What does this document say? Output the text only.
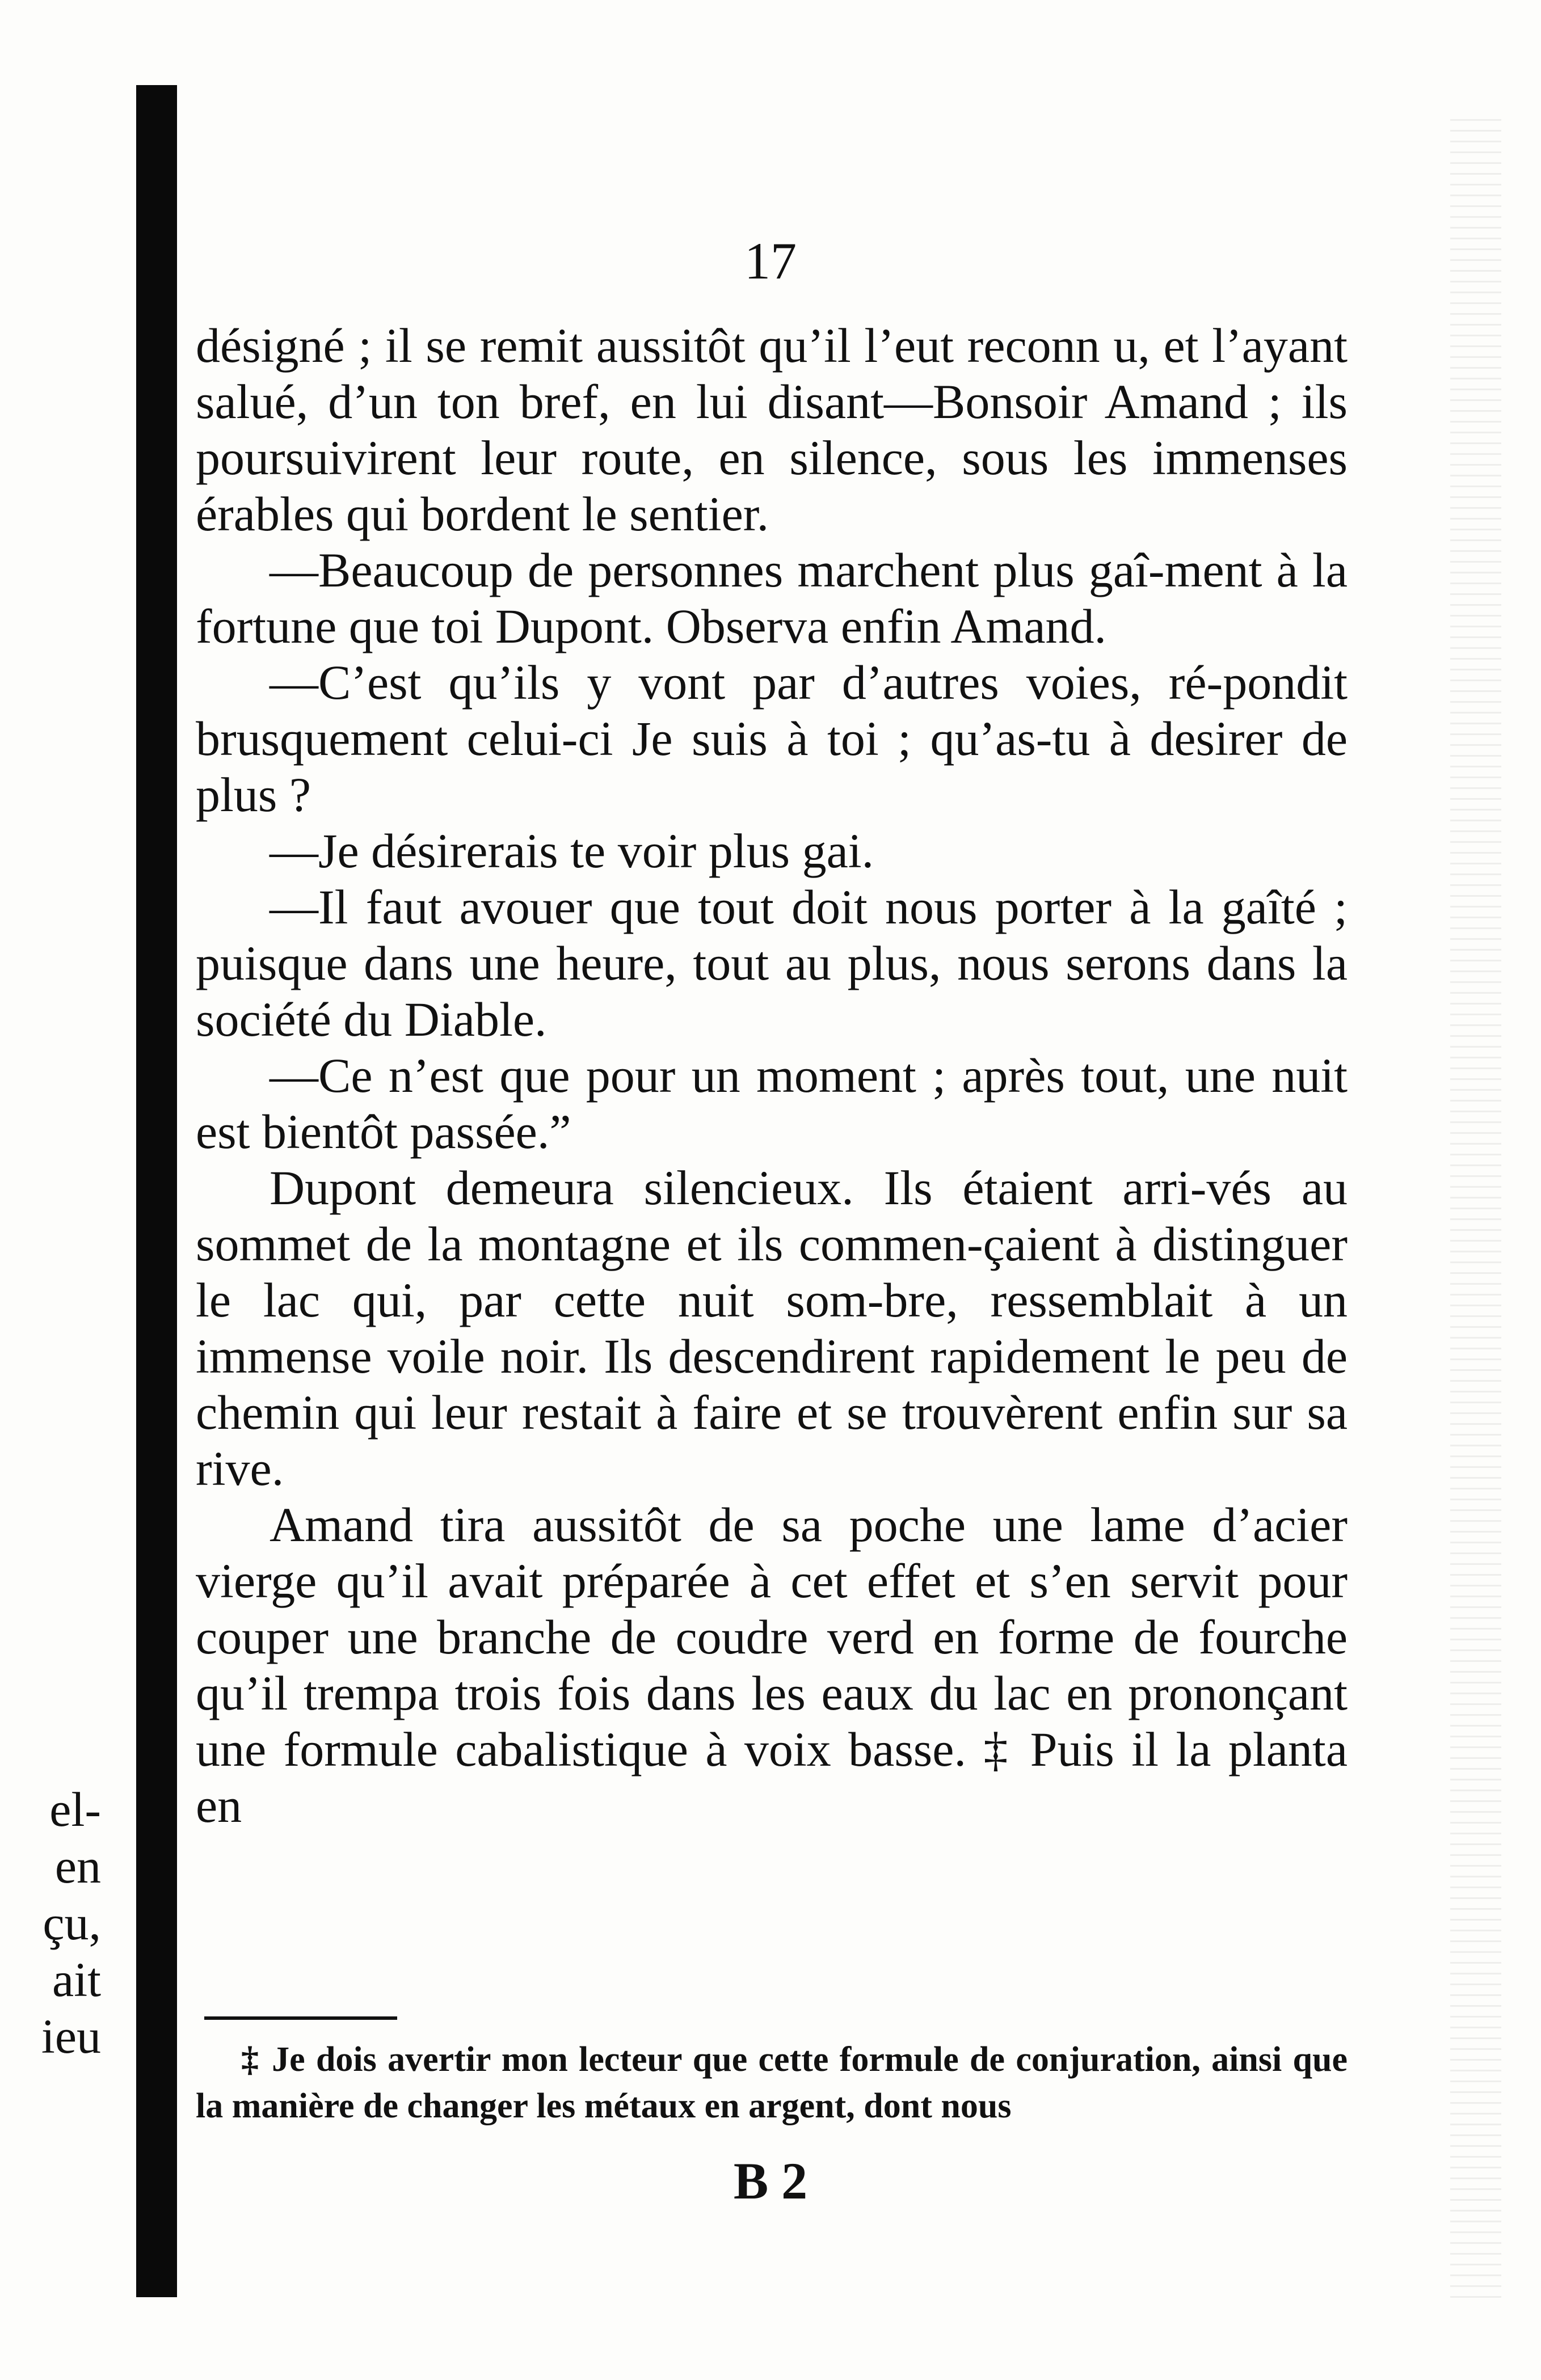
el-
en
çu,
ait
ieu
17

désigné ; il se remit aussitôt qu’il l’eut reconn u, et l’ayant salué, d’un ton bref, en lui disant—Bonsoir Amand ; ils poursuivirent leur route, en silence, sous les immenses érables qui bordent le sentier.

—Beaucoup de personnes marchent plus gaî-ment à la fortune que toi Dupont. Observa enfin Amand.

—C’est qu’ils y vont par d’autres voies, ré-pondit brusquement celui-ci Je suis à toi ; qu’as-tu à desirer de plus ?

—Je désirerais te voir plus gai.

—Il faut avouer que tout doit nous porter à la gaîté ; puisque dans une heure, tout au plus, nous serons dans la société du Diable.

—Ce n’est que pour un moment ; après tout, une nuit est bientôt passée.”

Dupont demeura silencieux. Ils étaient arri-vés au sommet de la montagne et ils commen-çaient à distinguer le lac qui, par cette nuit som-bre, ressemblait à un immense voile noir. Ils descendirent rapidement le peu de chemin qui leur restait à faire et se trouvèrent enfin sur sa rive.

Amand tira aussitôt de sa poche une lame d’acier vierge qu’il avait préparée à cet effet et s’en servit pour couper une branche de coudre verd en forme de fourche qu’il trempa trois fois dans les eaux du lac en prononçant une formule cabalistique à voix basse. ‡ Puis il la planta en

‡ Je dois avertir mon lecteur que cette formule de conjuration, ainsi que la manière de changer les métaux en argent, dont nous

B 2
